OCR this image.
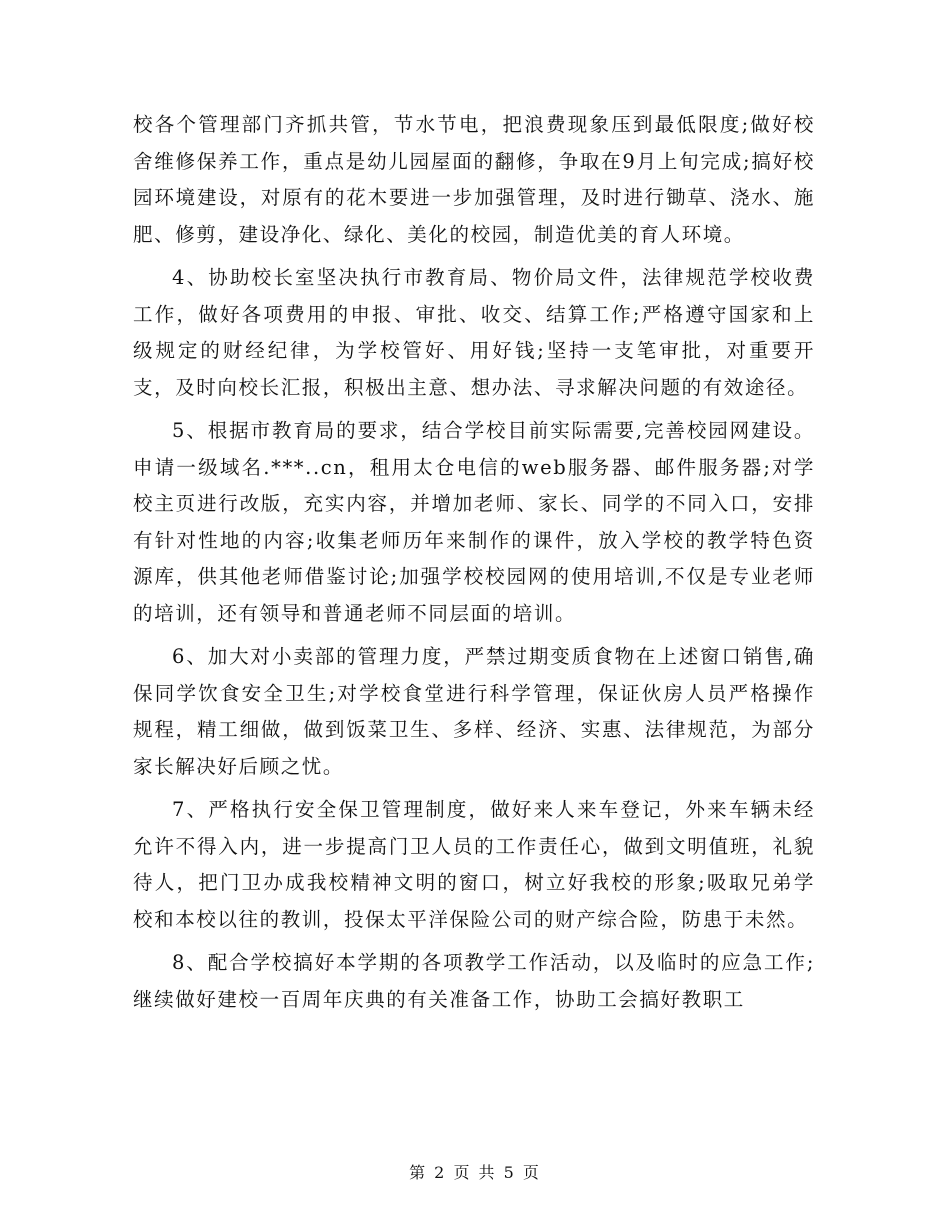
校各个管理部门齐抓共管，节水节电，把浪费现象压到最低限度;做好校舍维修保养工作，重点是幼儿园屋面的翻修，争取在9月上旬完成;搞好校园环境建设，对原有的花木要进一步加强管理，及时进行锄草、浇水、施肥、修剪，建设净化、绿化、美化的校园，制造优美的育人环境。

4、协助校长室坚决执行市教育局、物价局文件，法律规范学校收费工作，做好各项费用的申报、审批、收交、结算工作;严格遵守国家和上级规定的财经纪律，为学校管好、用好钱;坚持一支笔审批，对重要开支，及时向校长汇报，积极出主意、想办法、寻求解决问题的有效途径。

5、根据市教育局的要求，结合学校目前实际需要,完善校园网建设。申请一级域名.***..cn，租用太仓电信的web服务器、邮件服务器;对学校主页进行改版，充实内容，并增加老师、家长、同学的不同入口，安排有针对性地的内容;收集老师历年来制作的课件，放入学校的教学特色资源库，供其他老师借鉴讨论;加强学校校园网的使用培训,不仅是专业老师的培训，还有领导和普通老师不同层面的培训。

6、加大对小卖部的管理力度，严禁过期变质食物在上述窗口销售,确保同学饮食安全卫生;对学校食堂进行科学管理，保证伙房人员严格操作规程，精工细做，做到饭菜卫生、多样、经济、实惠、法律规范，为部分家长解决好后顾之忧。

7、严格执行安全保卫管理制度，做好来人来车登记，外来车辆未经允许不得入内，进一步提高门卫人员的工作责任心，做到文明值班，礼貌待人，把门卫办成我校精神文明的窗口，树立好我校的形象;吸取兄弟学校和本校以往的教训，投保太平洋保险公司的财产综合险，防患于未然。

8、配合学校搞好本学期的各项教学工作活动，以及临时的应急工作;继续做好建校一百周年庆典的有关准备工作，协助工会搞好教职工

第 2 页 共 5 页
